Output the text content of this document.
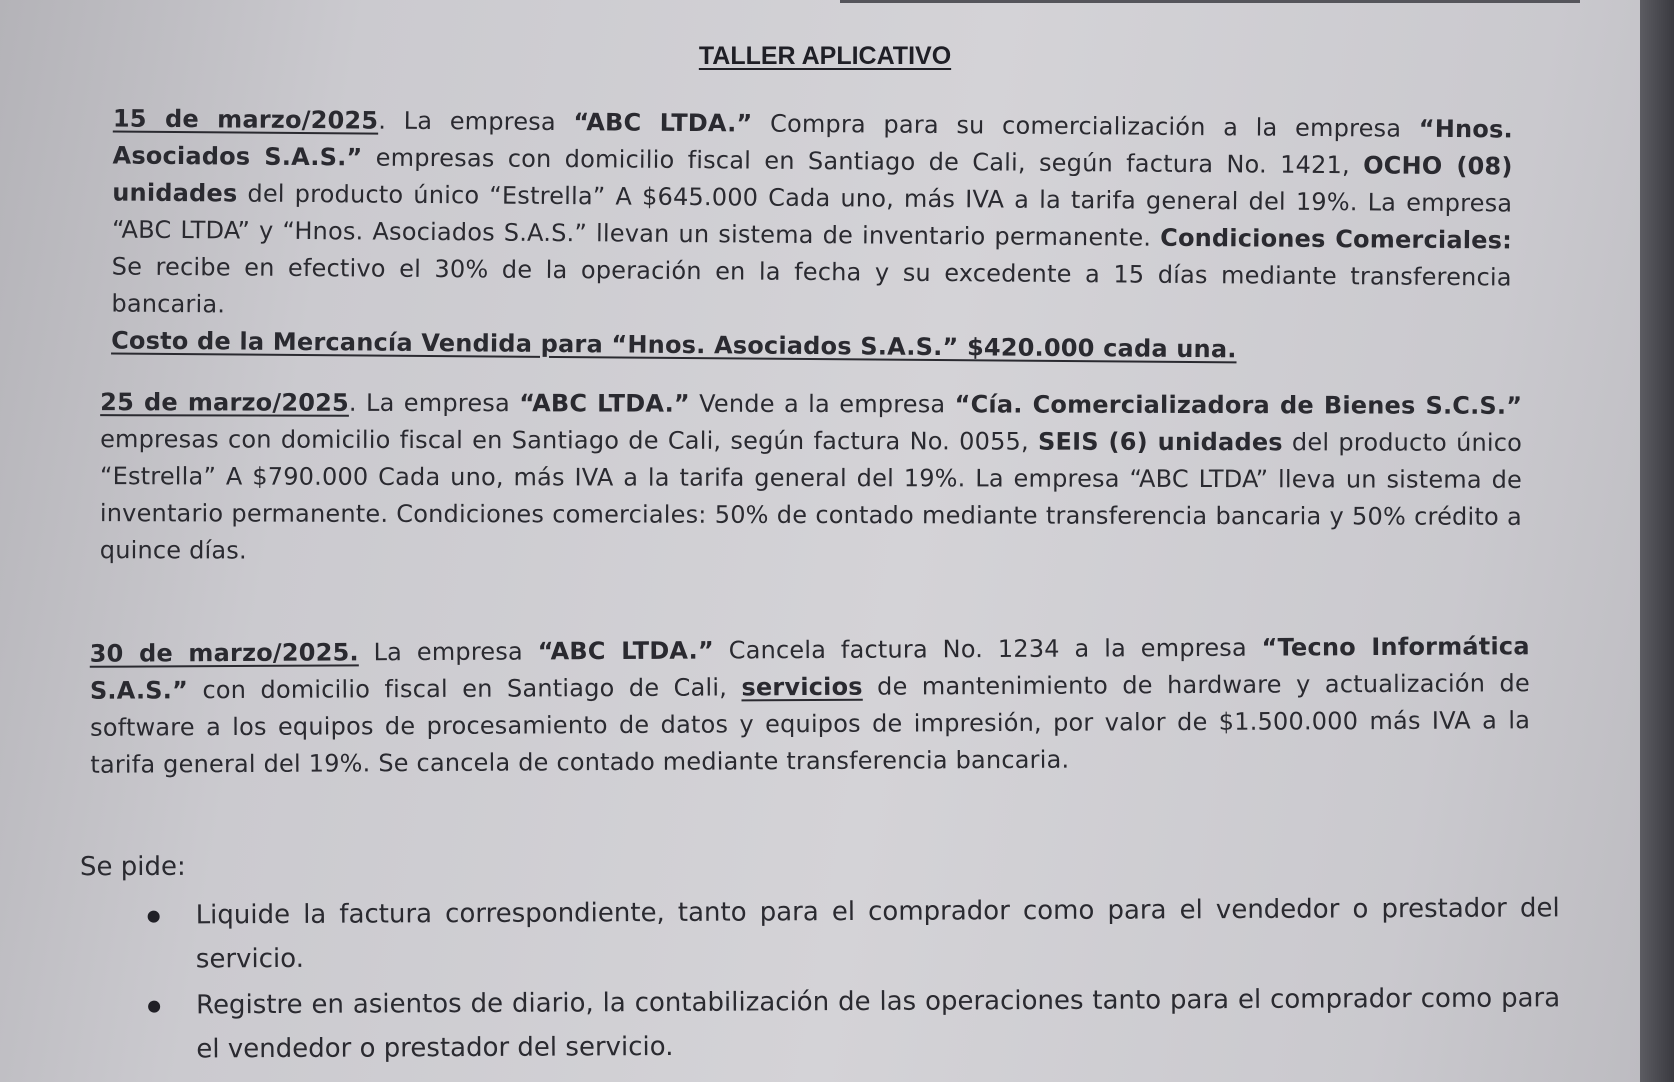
TALLER APLICATIVO

15 de marzo/2025. La empresa “ABC LTDA.” Compra para su comercialización a la empresa “Hnos. Asociados S.A.S.” empresas con domicilio fiscal en Santiago de Cali, según factura No. 1421, OCHO (08) unidades del producto único “Estrella” A $645.000 Cada uno, más IVA a la tarifa general del 19%. La empresa “ABC LTDA” y “Hnos. Asociados S.A.S.” llevan un sistema de inventario permanente. Condiciones Comerciales: Se recibe en efectivo el 30% de la operación en la fecha y su excedente a 15 días mediante transferencia bancaria.

Costo de la Mercancía Vendida para “Hnos. Asociados S.A.S.” $420.000 cada una.

25 de marzo/2025. La empresa “ABC LTDA.” Vende a la empresa “Cía. Comercializadora de Bienes S.C.S.” empresas con domicilio fiscal en Santiago de Cali, según factura No. 0055, SEIS (6) unidades del producto único “Estrella” A $790.000 Cada uno, más IVA a la tarifa general del 19%. La empresa “ABC LTDA” lleva un sistema de inventario permanente. Condiciones comerciales: 50% de contado mediante transferencia bancaria y 50% crédito a quince días.

30 de marzo/2025. La empresa “ABC LTDA.” Cancela factura No. 1234 a la empresa “Tecno Informática S.A.S.” con domicilio fiscal en Santiago de Cali, servicios de mantenimiento de hardware y actualización de software a los equipos de procesamiento de datos y equipos de impresión, por valor de $1.500.000 más IVA a la tarifa general del 19%. Se cancela de contado mediante transferencia bancaria.

Se pide:
Liquide la factura correspondiente, tanto para el comprador como para el vendedor o prestador del servicio.
Registre en asientos de diario, la contabilización de las operaciones tanto para el comprador como para el vendedor o prestador del servicio.
